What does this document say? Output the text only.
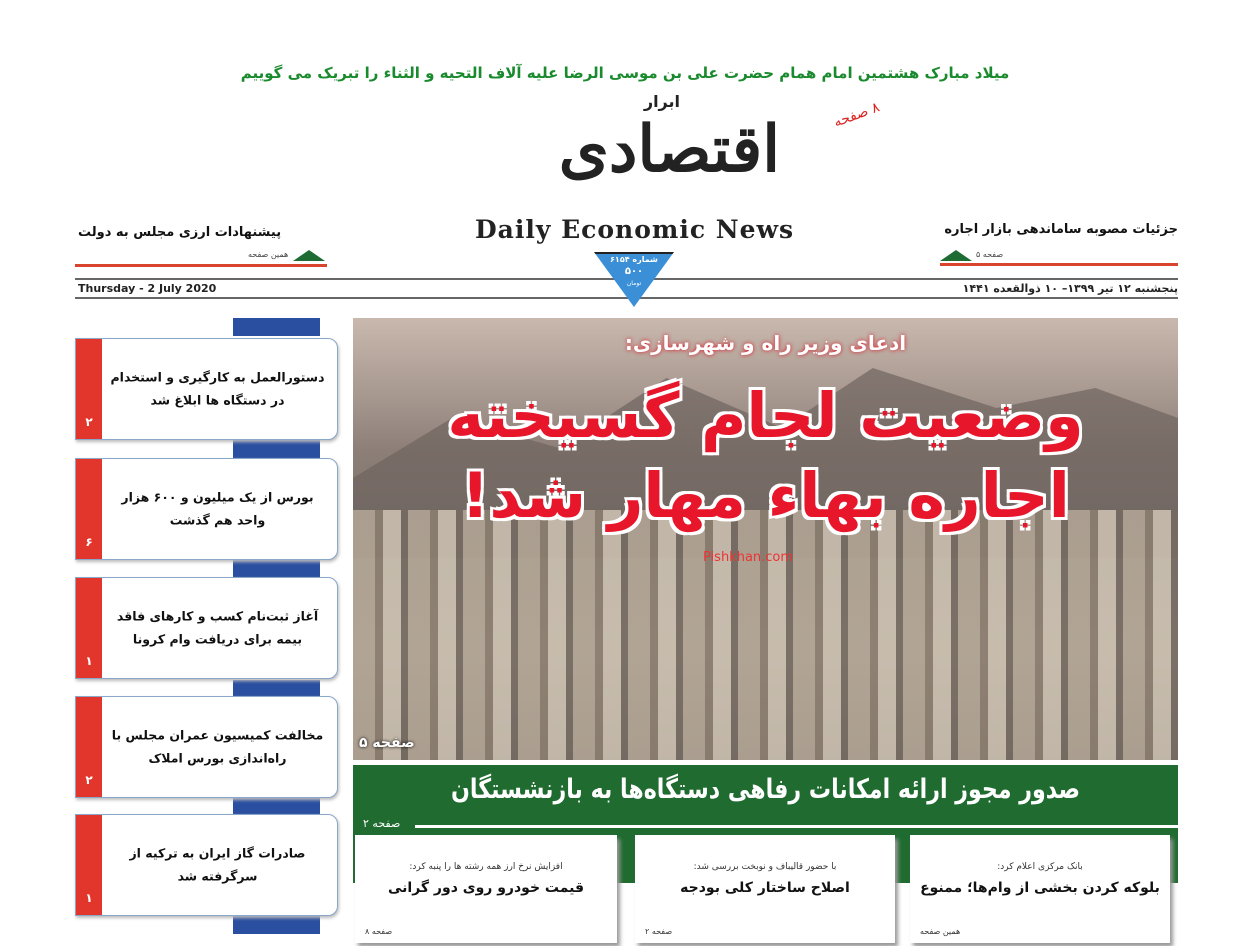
میلاد مبارک هشتمین امام همام حضرت علی بن موسی الرضا علیه آلاف التحیه و الثناء را تبریک می گوییم
ابرار
اقتصادی	۸ صفحه
Daily Economic News	جزئیات مصوبه ساماندهی بازار اجاره
صفحه ۵
پیشنهادات ارزی مجلس به دولت
همین صفحه
پنجشنبه ۱۲ تیر ۱۳۹۹– ۱۰ ذوالقعده ۱۴۴۱
Thursday - 2 July 2020
شماره ۶۱۵۴
۵۰۰
تومان
ادعای وزیر راه و شهرسازی:
وضعیت لجام گسیخته
اجاره بهاء مهار شد!
Pishkhan.com
صفحه ۵
صدور مجوز ارائه امکانات رفاهی دستگاه‌ها به بازنشستگان
صفحه ۲
بانک مرکزی اعلام کرد:
بلوکه کردن بخشی از وام‌ها؛ ممنوع
همین صفحه
با حضور قالیباف و نوبخت بررسی شد:
اصلاح ساختار کلی بودجه
صفحه ۲
افزایش نرخ ارز همه رشته ها را پنبه کرد:
قیمت خودرو روی دور گرانی
صفحه ۸
۲
دستورالعمل به کارگیری و استخدام در دستگاه ها ابلاغ شد
۶
بورس از یک میلیون و ۶۰۰ هزار واحد هم گذشت
۱
آغاز ثبت‌نام کسب و کارهای فاقد بیمه برای دریافت وام کرونا
۲
مخالفت کمیسیون عمران مجلس با راه‌اندازی بورس املاک
۱
صادرات گاز ایران به ترکیه از سرگرفته شد
